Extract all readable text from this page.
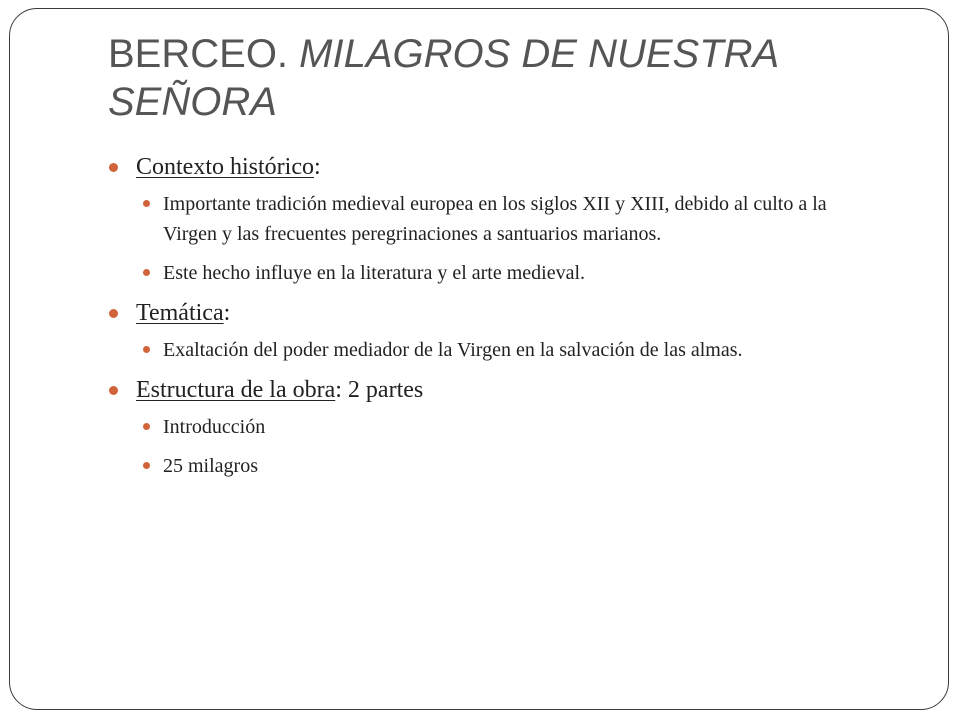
BERCEO. MILAGROS DE NUESTRA SEÑORA
Contexto histórico:
Importante tradición medieval europea en los siglos XII y XIII, debido al culto a la Virgen y las frecuentes peregrinaciones a santuarios marianos.
Este hecho influye en la literatura y el arte medieval.
Temática:
Exaltación del poder mediador de la Virgen en la salvación de las almas.
Estructura de la obra: 2 partes
Introducción
25 milagros
